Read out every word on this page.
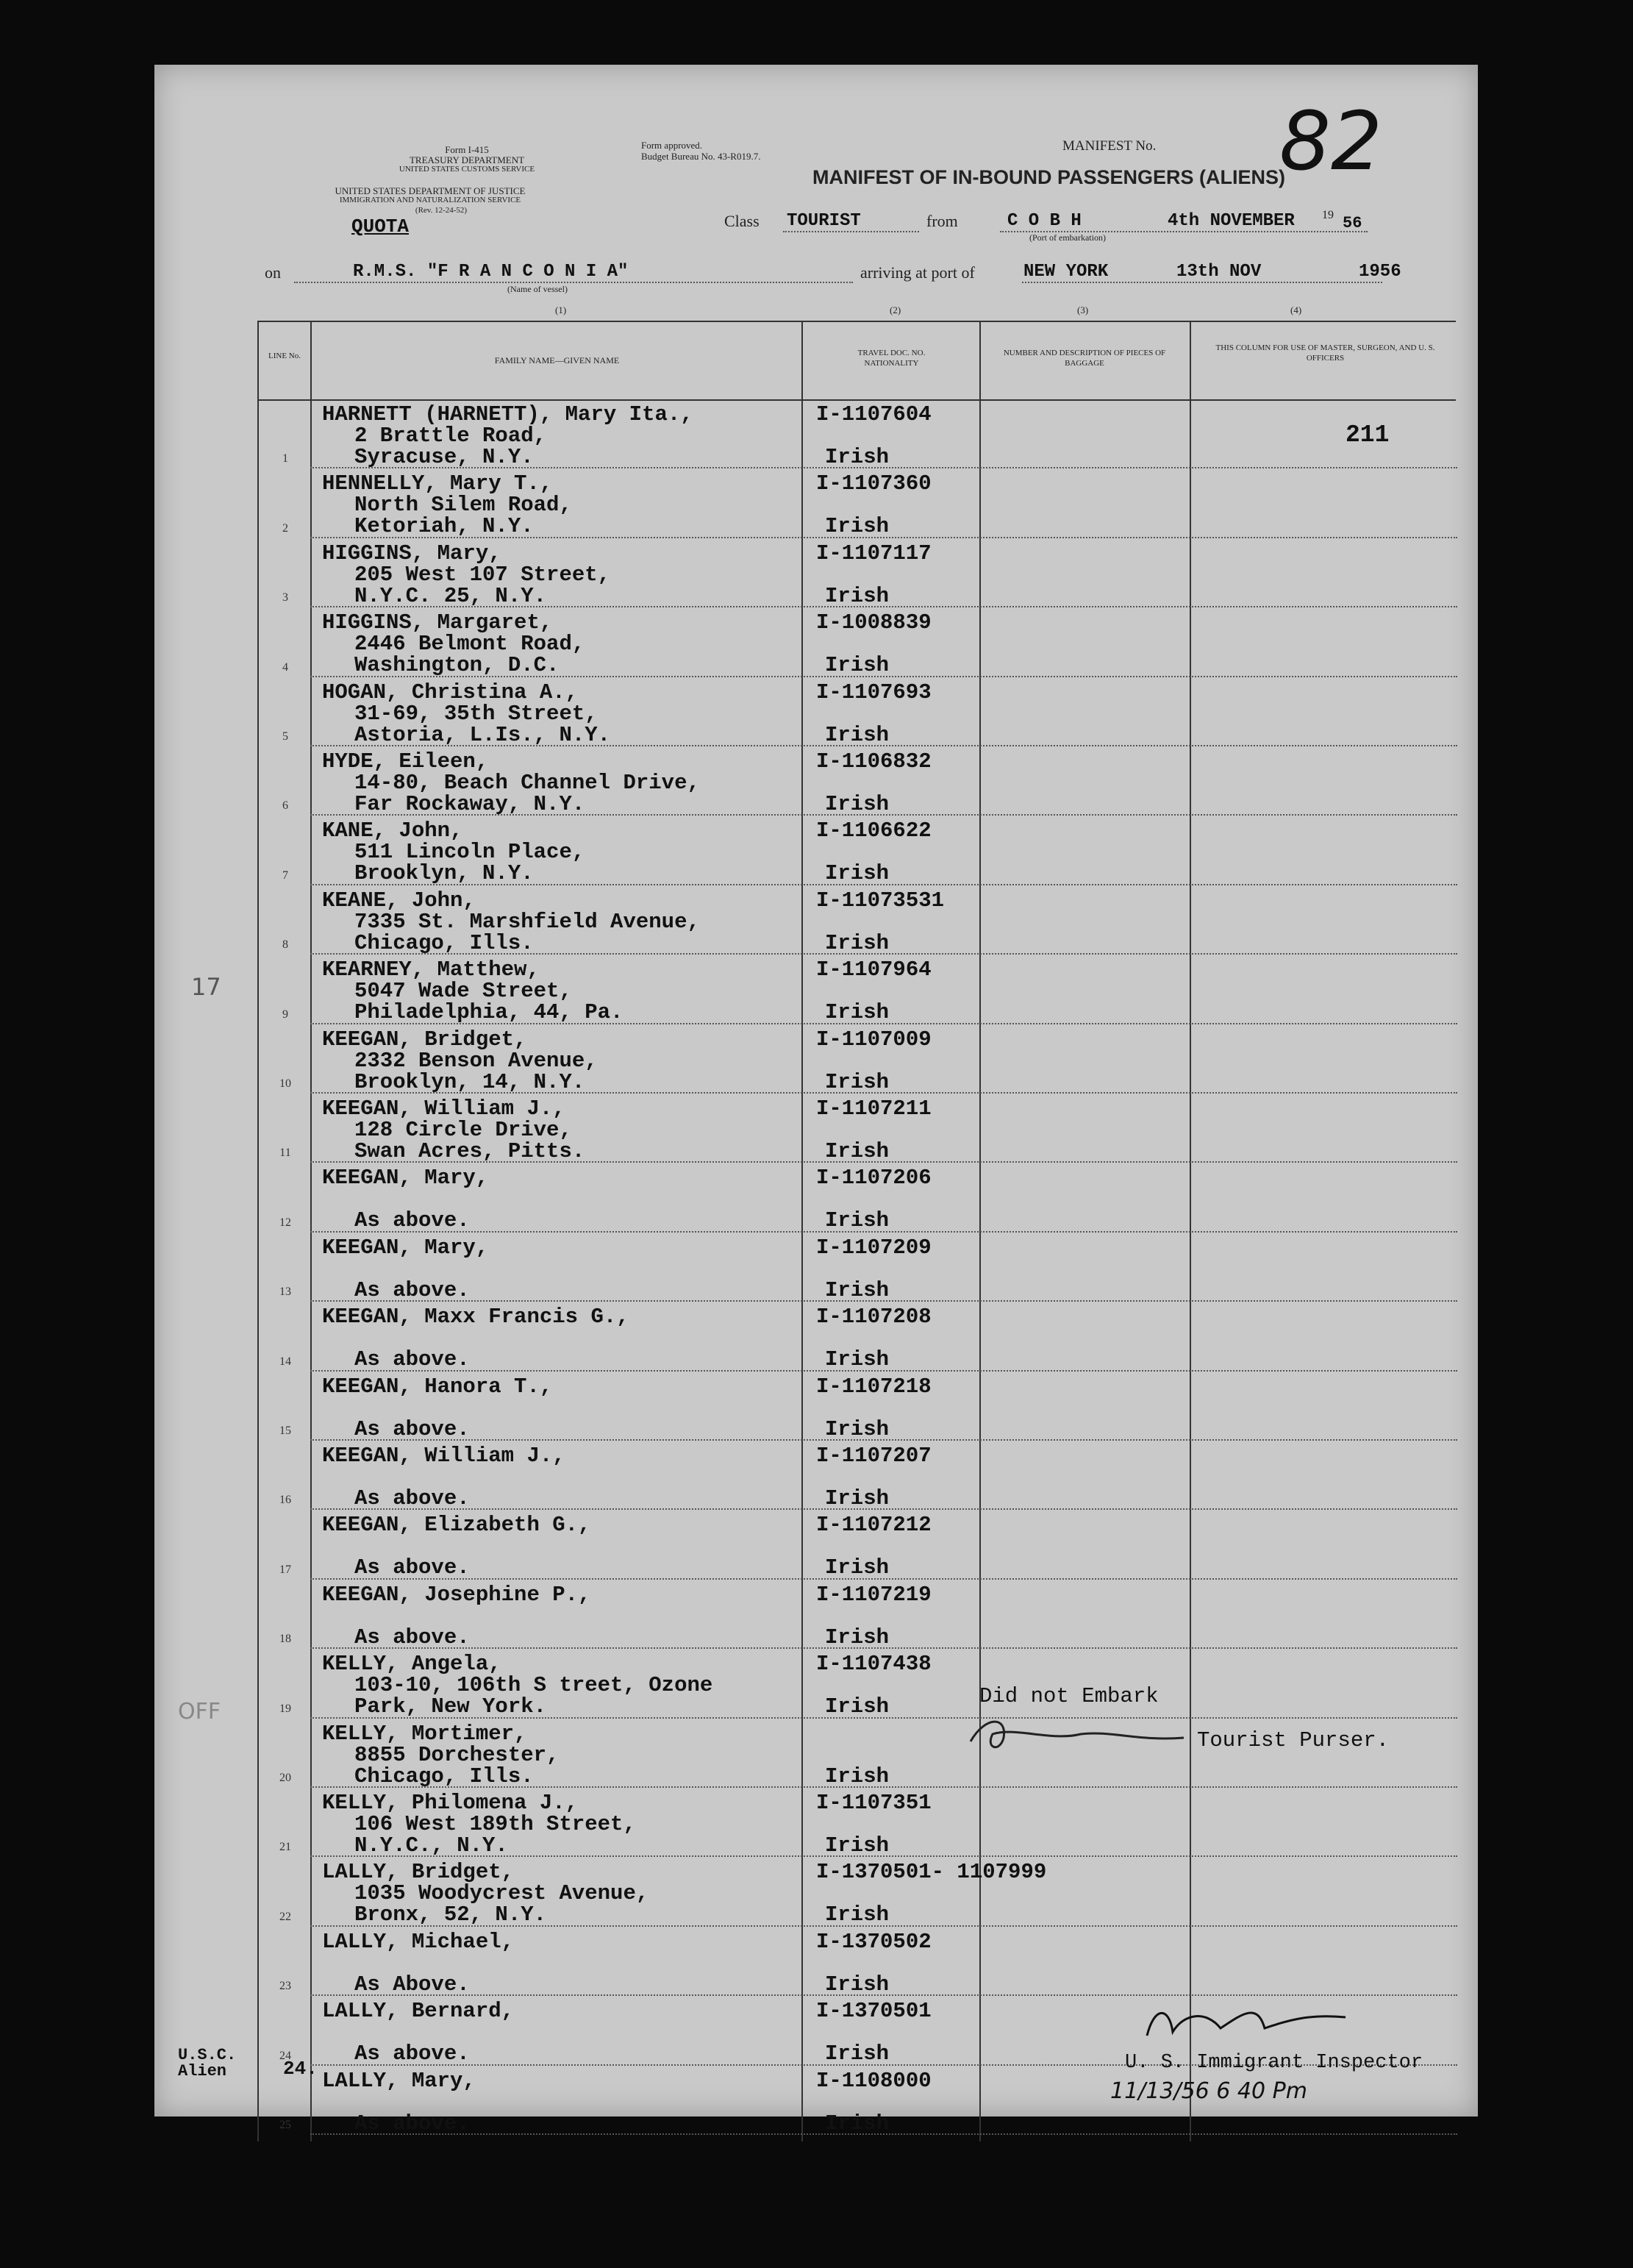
Form I-415
TREASURY DEPARTMENT
UNITED STATES CUSTOMS SERVICE
UNITED STATES DEPARTMENT OF JUSTICE
IMMIGRATION AND NATURALIZATION SERVICE
(Rev. 12-24-52)
Form approved.
Budget Bureau No. 43-R019.7.
MANIFEST No. 82
MANIFEST OF IN-BOUND PASSENGERS (ALIENS)
QUOTA	Class TOURIST	from	C O B H
(Port of embarkation)
4th NOVEMBER 19 56
on	R.M.S. "F R A N C O N I A"
(Name of vessel)
arriving at port of	NEW YORK	13th NOV	1956
(1)	(2)	(3)	(4)
LINE No.	FAMILY NAME—GIVEN NAME
TRAVEL DOC. NO. NATIONALITY
NUMBER AND DESCRIPTION OF PIECES OF BAGGAGE
THIS COLUMN FOR USE OF MASTER, SURGEON, AND U. S. OFFICERS
1
HARNETT (HARNETT), Mary Ita.,
2 Brattle Road,
Syracuse, N.Y.
I-1107604
Irish
211
2
HENNELLY, Mary T.,
North Silem Road,
Ketoriah, N.Y.
I-1107360
Irish
3
HIGGINS, Mary,
205 West 107 Street,
N.Y.C. 25, N.Y.
I-1107117
Irish
4
HIGGINS, Margaret,
2446 Belmont Road,
Washington, D.C.
I-1008839
Irish
5
HOGAN, Christina A.,
31-69, 35th Street,
Astoria, L.Is., N.Y.
I-1107693
Irish
6
HYDE, Eileen,
14-80, Beach Channel Drive,
Far Rockaway, N.Y.
I-1106832
Irish
7
KANE, John,
511 Lincoln Place,
Brooklyn, N.Y.
I-1106622
Irish
8
KEANE, John,
7335 St. Marshfield Avenue,
Chicago, Ills.
I-11073531
Irish
9
KEARNEY, Matthew,
5047 Wade Street,
Philadelphia, 44, Pa.
I-1107964
Irish
10
KEEGAN, Bridget,
2332 Benson Avenue,
Brooklyn, 14, N.Y.
I-1107009
Irish
11
KEEGAN, William J.,
128 Circle Drive,
Swan Acres, Pitts.
I-1107211
Irish
12
KEEGAN, Mary,
As above.
I-1107206
Irish
13
KEEGAN, Mary,
As above.
I-1107209
Irish
14
KEEGAN, Maxx Francis G.,
As above.
I-1107208
Irish
15
KEEGAN, Hanora T.,
As above.
I-1107218
Irish
16
KEEGAN, William J.,
As above.
I-1107207
Irish
17
KEEGAN, Elizabeth G.,
As above.
I-1107212
Irish
18
KEEGAN, Josephine P.,
As above.
I-1107219
Irish
19
KELLY, Angela,
103-10, 106th S treet, Ozone
Park, New York.
I-1107438
Irish
20
KELLY, Mortimer,
8855 Dorchester,
Chicago, Ills.	Irish
21
KELLY, Philomena J.,
106 West 189th Street,
N.Y.C., N.Y.
I-1107351
Irish
22
LALLY, Bridget,
1035 Woodycrest Avenue,
Bronx, 52, N.Y.
I-1370501- 1107999
Irish
23
LALLY, Michael,
As Above.
I-1370502
Irish
24
LALLY, Bernard,
As above.
I-1370501
Irish
25
LALLY, Mary,
As above.
I-1108000
Irish
Did not Embark
Tourist Purser.
OFF
17
U.S.C.
Alien	24.	U. S. Immigrant Inspector
11/13/56 6 40 Pm
